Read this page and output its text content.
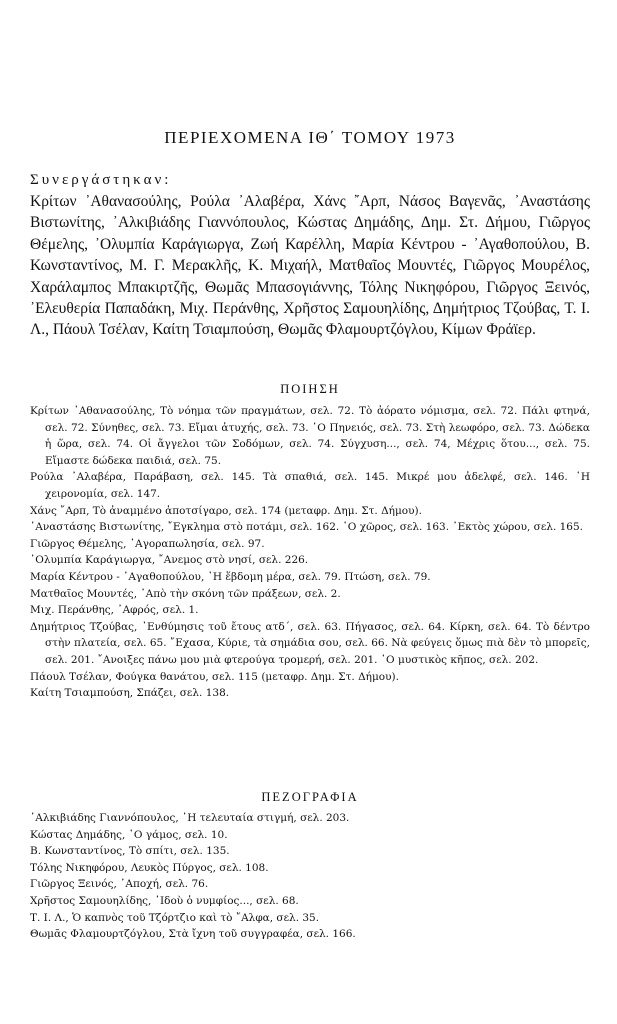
ΠΕΡΙΕΧΟΜΕΝΑ ΙΘ΄ ΤΟΜΟΥ 1973
Συνεργάστηκαν:
Κρίτων ᾿Αθανασούλης, Ρούλα ᾿Αλαβέρα, Χάνς ῎Αρπ, Νάσος Βαγενᾶς, ᾿Αναστάσης Βιστωνίτης, ᾿Αλκιβιάδης Γιαννόπουλος, Κώστας Δημάδης, Δημ. Στ. Δήμου, Γιῶργος Θέμελης, ᾿Ολυμπία Καράγιωργα, Ζωή Καρέλλη, Μαρία Κέντρου - ᾿Αγαθοπούλου, Β. Κωνσταντίνος, Μ. Γ. Μερακλῆς, Κ. Μιχαήλ, Ματθαῖος Μουντές, Γιῶργος Μουρέλος, Χαράλαμπος Μπακιρτζῆς, Θωμᾶς Μπασογιάννης, Τόλης Νικηφόρου, Γιῶργος Ξεινός, ᾿Ελευθερία Παπαδάκη, Μιχ. Περάνθης, Χρῆστος Σαμουηλίδης, Δημήτριος Τζούβας, Τ. Ι. Λ., Πάουλ Τσέλαν, Καίτη Τσιαμπούση, Θωμᾶς Φλαμουρτζόγλου, Κίμων Φράϊερ.
ΠΟΙΗΣΗ

Κρίτων ᾿Αθανασούλης, Τὸ νόημα τῶν πραγμάτων, σελ. 72. Τὸ ἀόρατο νόμισμα, σελ. 72. Πάλι φτηνά, σελ. 72. Σύνηθες, σελ. 73. Εἴμαι ἀτυχής, σελ. 73. ῾Ο Πηνειός, σελ. 73. Στὴ λεωφόρο, σελ. 73. Δώδεκα ἡ ὥρα, σελ. 74. Οἱ ἄγγελοι τῶν Σοδόμων, σελ. 74. Σύγχυση..., σελ. 74, Μέχρις ὅτου..., σελ. 75. Εἴμαστε δώδεκα παιδιά, σελ. 75.

Ρούλα ᾿Αλαβέρα, Παράβαση, σελ. 145. Τὰ σπαθιά, σελ. 145. Μικρέ μου ἀδελφέ, σελ. 146. ῾Η χειρονομία, σελ. 147.

Χάνς ῎Αρπ, Τὸ ἀναμμένο ἀποτσίγαρο, σελ. 174 (μεταφρ. Δημ. Στ. Δήμου).

᾿Αναστάσης Βιστωνίτης, ῎Εγκλημα στὸ ποτάμι, σελ. 162. ῾Ο χῶρος, σελ. 163. ᾿Εκτὸς χώρου, σελ. 165.

Γιῶργος Θέμελης, ᾿Αγοραπωλησία, σελ. 97.

᾿Ολυμπία Καράγιωργα, ῎Ανεμος στὸ νησί, σελ. 226.

Μαρία Κέντρου - ᾿Αγαθοπούλου, ῾Η ἕβδομη μέρα, σελ. 79. Πτώση, σελ. 79.

Ματθαῖος Μουντές, ᾿Απὸ τὴν σκόνη τῶν πράξεων, σελ. 2.

Μιχ. Περάνθης, ᾿Αφρός, σελ. 1.

Δημήτριος Τζούβας, ᾿Ενθύμησις τοῦ ἔτους ατδ΄, σελ. 63. Πήγασος, σελ. 64. Κίρκη, σελ. 64. Τὸ δέντρο στὴν πλατεία, σελ. 65. ῎Εχασα, Κύριε, τὰ σημάδια σου, σελ. 66. Νὰ φεύγεις ὅμως πιὰ δὲν τὸ μπορεῖς, σελ. 201. ῎Ανοιξες πάνω μου μιὰ φτερούγα τρομερή, σελ. 201. ῾Ο μυστικὸς κῆπος, σελ. 202.

Πάουλ Τσέλαν, Φούγκα θανάτου, σελ. 115 (μεταφρ. Δημ. Στ. Δήμου).

Καίτη Τσιαμπούση, Σπάζει, σελ. 138.

ΠΕΖΟΓΡΑΦΙΑ

᾿Αλκιβιάδης Γιαννόπουλος, ῾Η τελευταία στιγμή, σελ. 203.

Κώστας Δημάδης, ῾Ο γάμος, σελ. 10.

Β. Κωνσταντίνος, Τὸ σπίτι, σελ. 135.

Τόλης Νικηφόρου, Λευκὸς Πύργος, σελ. 108.

Γιῶργος Ξεινός, ᾿Αποχή, σελ. 76.

Χρῆστος Σαμουηλίδης, ᾿Ιδοὺ ὁ νυμφίος..., σελ. 68.

Τ. Ι. Λ., Ὁ καπνὸς τοῦ Τζόρτζιο καὶ τὸ ῎Αλφα, σελ. 35.

Θωμᾶς Φλαμουρτζόγλου, Στὰ ἴχνη τοῦ συγγραφέα, σελ. 166.
